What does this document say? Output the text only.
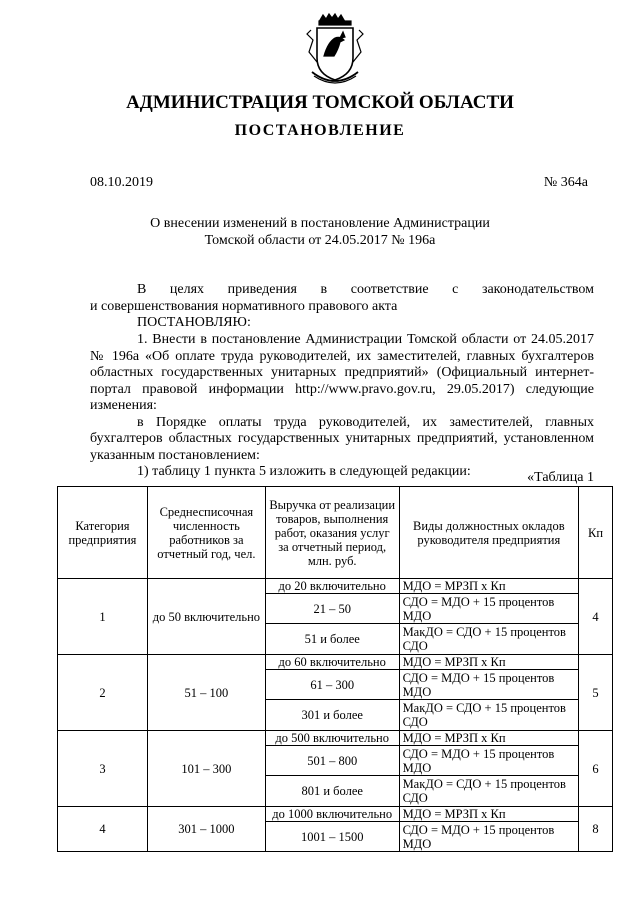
АДМИНИСТРАЦИЯ ТОМСКОЙ ОБЛАСТИ
ПОСТАНОВЛЕНИЕ
08.10.2019	№ 364а
О внесении изменений в постановление Администрации
Томской области от 24.05.2017 № 196а
В целях приведения в соответствие с законодательством
и совершенствования нормативного правового акта
ПОСТАНОВЛЯЮ:

1. Внести в постановление Администрации Томской области от 24.05.2017 № 196а «Об оплате труда руководителей, их заместителей, главных бухгалтеров областных государственных унитарных предприятий» (Официальный интернет-портал правовой информации http://www.pravo.gov.ru, 29.05.2017) следующие изменения:

в Порядке оплаты труда руководителей, их заместителей, главных бухгалтеров областных государственных унитарных предприятий, установленном указанным постановлением:

1) таблицу 1 пункта 5 изложить в следующей редакции:	«Таблица 1
Категория предприятия	Среднесписочная численность работников за отчетный год, чел.	Выручка от реализации товаров, выполнения работ, оказания услуг за отчетный период, млн. руб.	Виды должностных окладов руководителя предприятия	Кп
1	до 50 включительно	до 20 включительно	МДО = МРЗП х Кп	4
		21 – 50	СДО = МДО + 15 процентов МДО	
		51 и более	МакДО = СДО + 15 процентов СДО	
2	51 – 100	до 60 включительно	МДО = МРЗП х Кп	5
		61 – 300	СДО = МДО + 15 процентов МДО	
		301 и более	МакДО = СДО + 15 процентов СДО	
3	101 – 300	до 500 включительно	МДО = МРЗП х Кп	6
		501 – 800	СДО = МДО + 15 процентов МДО	
		801 и более	МакДО = СДО + 15 процентов СДО	
4	301 – 1000	до 1000 включительно	МДО = МРЗП х Кп	8
		1001 – 1500	СДО = МДО + 15 процентов МДО	
